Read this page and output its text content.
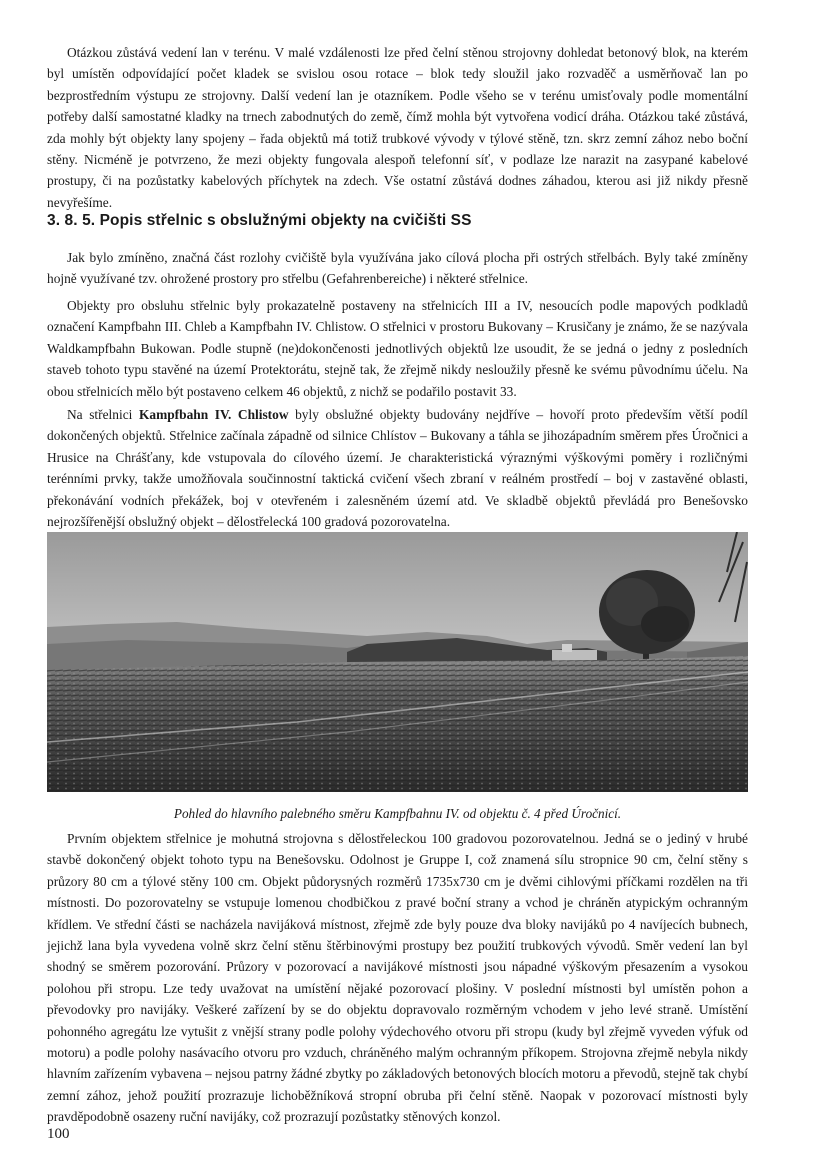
Otázkou zůstává vedení lan v terénu. V malé vzdálenosti lze před čelní stěnou strojovny dohledat betonový blok, na kterém byl umístěn odpovídající počet kladek se svislou osou rotace – blok tedy sloužil jako rozvaděč a usměrňovač lan po bezprostředním výstupu ze strojovny. Další vedení lan je otazníkem. Podle všeho se v terénu umisťovaly podle momentální potřeby další samostatné kladky na trnech zabodnutých do země, čímž mohla být vytvořena vodicí dráha. Otázkou také zůstává, zda mohly být objekty lany spojeny – řada objektů má totiž trubkové vývody v týlové stěně, tzn. skrz zemní zához nebo boční stěny. Nicméně je potvrzeno, že mezi objekty fungovala alespoň telefonní síť, v podlaze lze narazit na zasypané kabelové prostupy, či na pozůstatky kabelových příchytek na zdech. Vše ostatní zůstává dodnes záhadou, kterou asi již nikdy přesně nevyřešíme.

3. 8. 5. Popis střelnic s obslužnými objekty na cvičišti SS

Jak bylo zmíněno, značná část rozlohy cvičiště byla využívána jako cílová plocha při ostrých střelbách. Byly také zmíněny hojně využívané tzv. ohrožené prostory pro střelbu (Gefahrenbereiche) i některé střelnice.

Objekty pro obsluhu střelnic byly prokazatelně postaveny na střelnicích III a IV, nesoucích podle mapových podkladů označení Kampfbahn III. Chleb a Kampfbahn IV. Chlistow. O střelnici v prostoru Bukovany – Krusičany je známo, že se nazývala Waldkampfbahn Bukowan. Podle stupně (ne)dokončenosti jednotlivých objektů lze usoudit, že se jedná o jedny z posledních staveb tohoto typu stavěné na území Protektorátu, stejně tak, že zřejmě nikdy nesloužily přesně ke svému původnímu účelu. Na obou střelnicích mělo být postaveno celkem 46 objektů, z nichž se podařilo postavit 33.

Na střelnici Kampfbahn IV. Chlistow byly obslužné objekty budovány nejdříve – hovoří proto především větší podíl dokončených objektů. Střelnice začínala západně od silnice Chlístov – Bukovany a táhla se jihozápadním směrem přes Úročnici a Hrusice na Chrášťany, kde vstupovala do cílového území. Je charakteristická výraznými výškovými poměry i rozličnými terénními prvky, takže umožňovala součinnostní taktická cvičení všech zbraní v reálném prostředí – boj v zastavěné oblasti, překonávání vodních překážek, boj v otevřeném i zalesněném území atd. Ve skladbě objektů převládá pro Benešovsko nejrozšířenější obslužný objekt – dělostřelecká 100 gradová pozorovatelna.

Pohled do hlavního palebného směru Kampfbahnu IV. od objektu č. 4 před Úročnicí.

Prvním objektem střelnice je mohutná strojovna s dělostřeleckou 100 gradovou pozorovatelnou. Jedná se o jediný v hrubé stavbě dokončený objekt tohoto typu na Benešovsku. Odolnost je Gruppe I, což znamená sílu stropnice 90 cm, čelní stěny s průzory 80 cm a týlové stěny 100 cm. Objekt půdorysných rozměrů 1735x730 cm je dvěmi cihlovými příčkami rozdělen na tři místnosti. Do pozorovatelny se vstupuje lomenou chodbičkou z pravé boční strany a vchod je chráněn atypickým ochranným křídlem. Ve střední části se nacházela navijáková místnost, zřejmě zde byly pouze dva bloky navijáků po 4 navíjecích bubnech, jejichž lana byla vyvedena volně skrz čelní stěnu štěrbinovými prostupy bez použití trubkových vývodů. Směr vedení lan byl shodný se směrem pozorování. Průzory v pozorovací a navijákové místnosti jsou nápadné výškovým přesazením a vysokou polohou při stropu. Lze tedy uvažovat na umístění nějaké pozorovací plošiny. V poslední místnosti byl umístěn pohon a převodovky pro navijáky. Veškeré zařízení by se do objektu dopravovalo rozměrným vchodem v jeho levé straně. Umístění pohonného agregátu lze vytušit z vnější strany podle polohy výdechového otvoru při stropu (kudy byl zřejmě vyveden výfuk od motoru) a podle polohy nasávacího otvoru pro vzduch, chráněného malým ochranným příkopem. Strojovna zřejmě nebyla nikdy hlavním zařízením vybavena – nejsou patrny žádné zbytky po základových betonových blocích motoru a převodů, stejně tak chybí zemní zához, jehož použití prozrazuje lichoběžníková stropní obruba při čelní stěně. Naopak v pozorovací místnosti byly pravděpodobně osazeny ruční navijáky, což prozrazují pozůstatky stěnových konzol.

100
